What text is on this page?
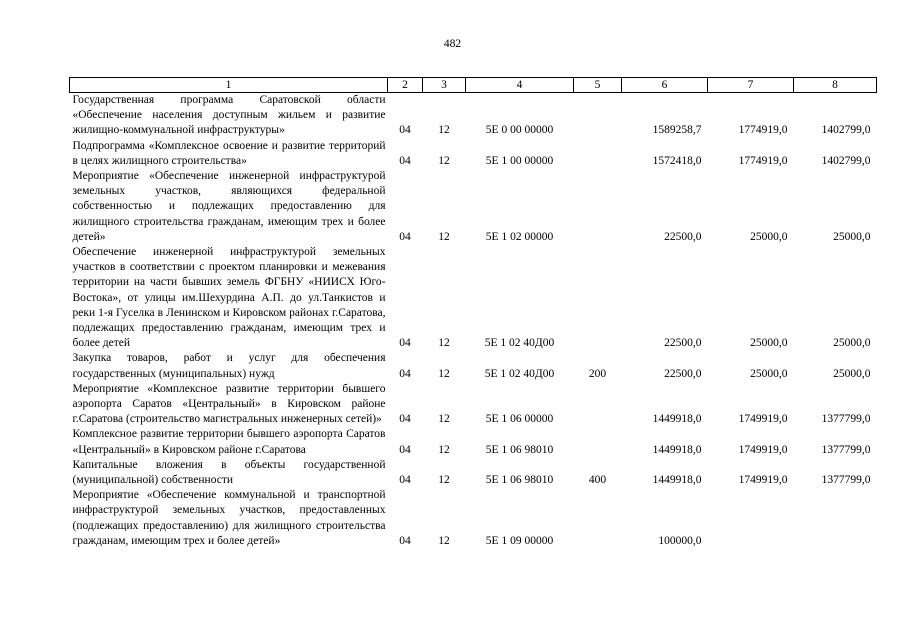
482
1	2	3	4	5	6	7	8
Государственная программа Саратовской области «Обеспечение населения доступным жильем и развитие жилищно-коммунальной инфраструктуры»	04	12	5Е 0 00 00000		1589258,7	1774919,0	1402799,0
Подпрограмма «Комплексное освоение и развитие территорий в целях жилищного строительства»	04	12	5Е 1 00 00000		1572418,0	1774919,0	1402799,0
Мероприятие «Обеспечение инженерной инфраструктурой земельных участков, являющихся федеральной собственностью и подлежащих предоставлению для жилищного строительства гражданам, имеющим трех и более детей»	04	12	5Е 1 02 00000		22500,0	25000,0	25000,0
Обеспечение инженерной инфраструктурой земельных участков в соответствии с проектом планировки и межевания территории на части бывших земель ФГБНУ «НИИСХ Юго-Востока», от улицы им.Шехурдина А.П. до ул.Танкистов и реки 1-я Гуселка в Ленинском и Кировском районах г.Саратова, подлежащих предоставлению гражданам, имеющим трех и более детей	04	12	5Е 1 02 40Д00		22500,0	25000,0	25000,0
Закупка товаров, работ и услуг для обеспечения государственных (муниципальных) нужд	04	12	5Е 1 02 40Д00	200	22500,0	25000,0	25000,0
Мероприятие «Комплексное развитие территории бывшего аэропорта Саратов «Центральный» в Кировском районе г.Саратова (строительство магистральных инженерных сетей)»	04	12	5Е 1 06 00000		1449918,0	1749919,0	1377799,0
Комплексное развитие территории бывшего аэропорта Саратов «Центральный» в Кировском районе г.Саратова	04	12	5Е 1 06 98010		1449918,0	1749919,0	1377799,0
Капитальные вложения в объекты государственной (муниципальной) собственности	04	12	5Е 1 06 98010	400	1449918,0	1749919,0	1377799,0
Мероприятие «Обеспечение коммунальной и транспортной инфраструктурой земельных участков, предоставленных (подлежащих предоставлению) для жилищного строительства гражданам, имеющим трех и более детей»	04	12	5Е 1 09 00000		100000,0		
